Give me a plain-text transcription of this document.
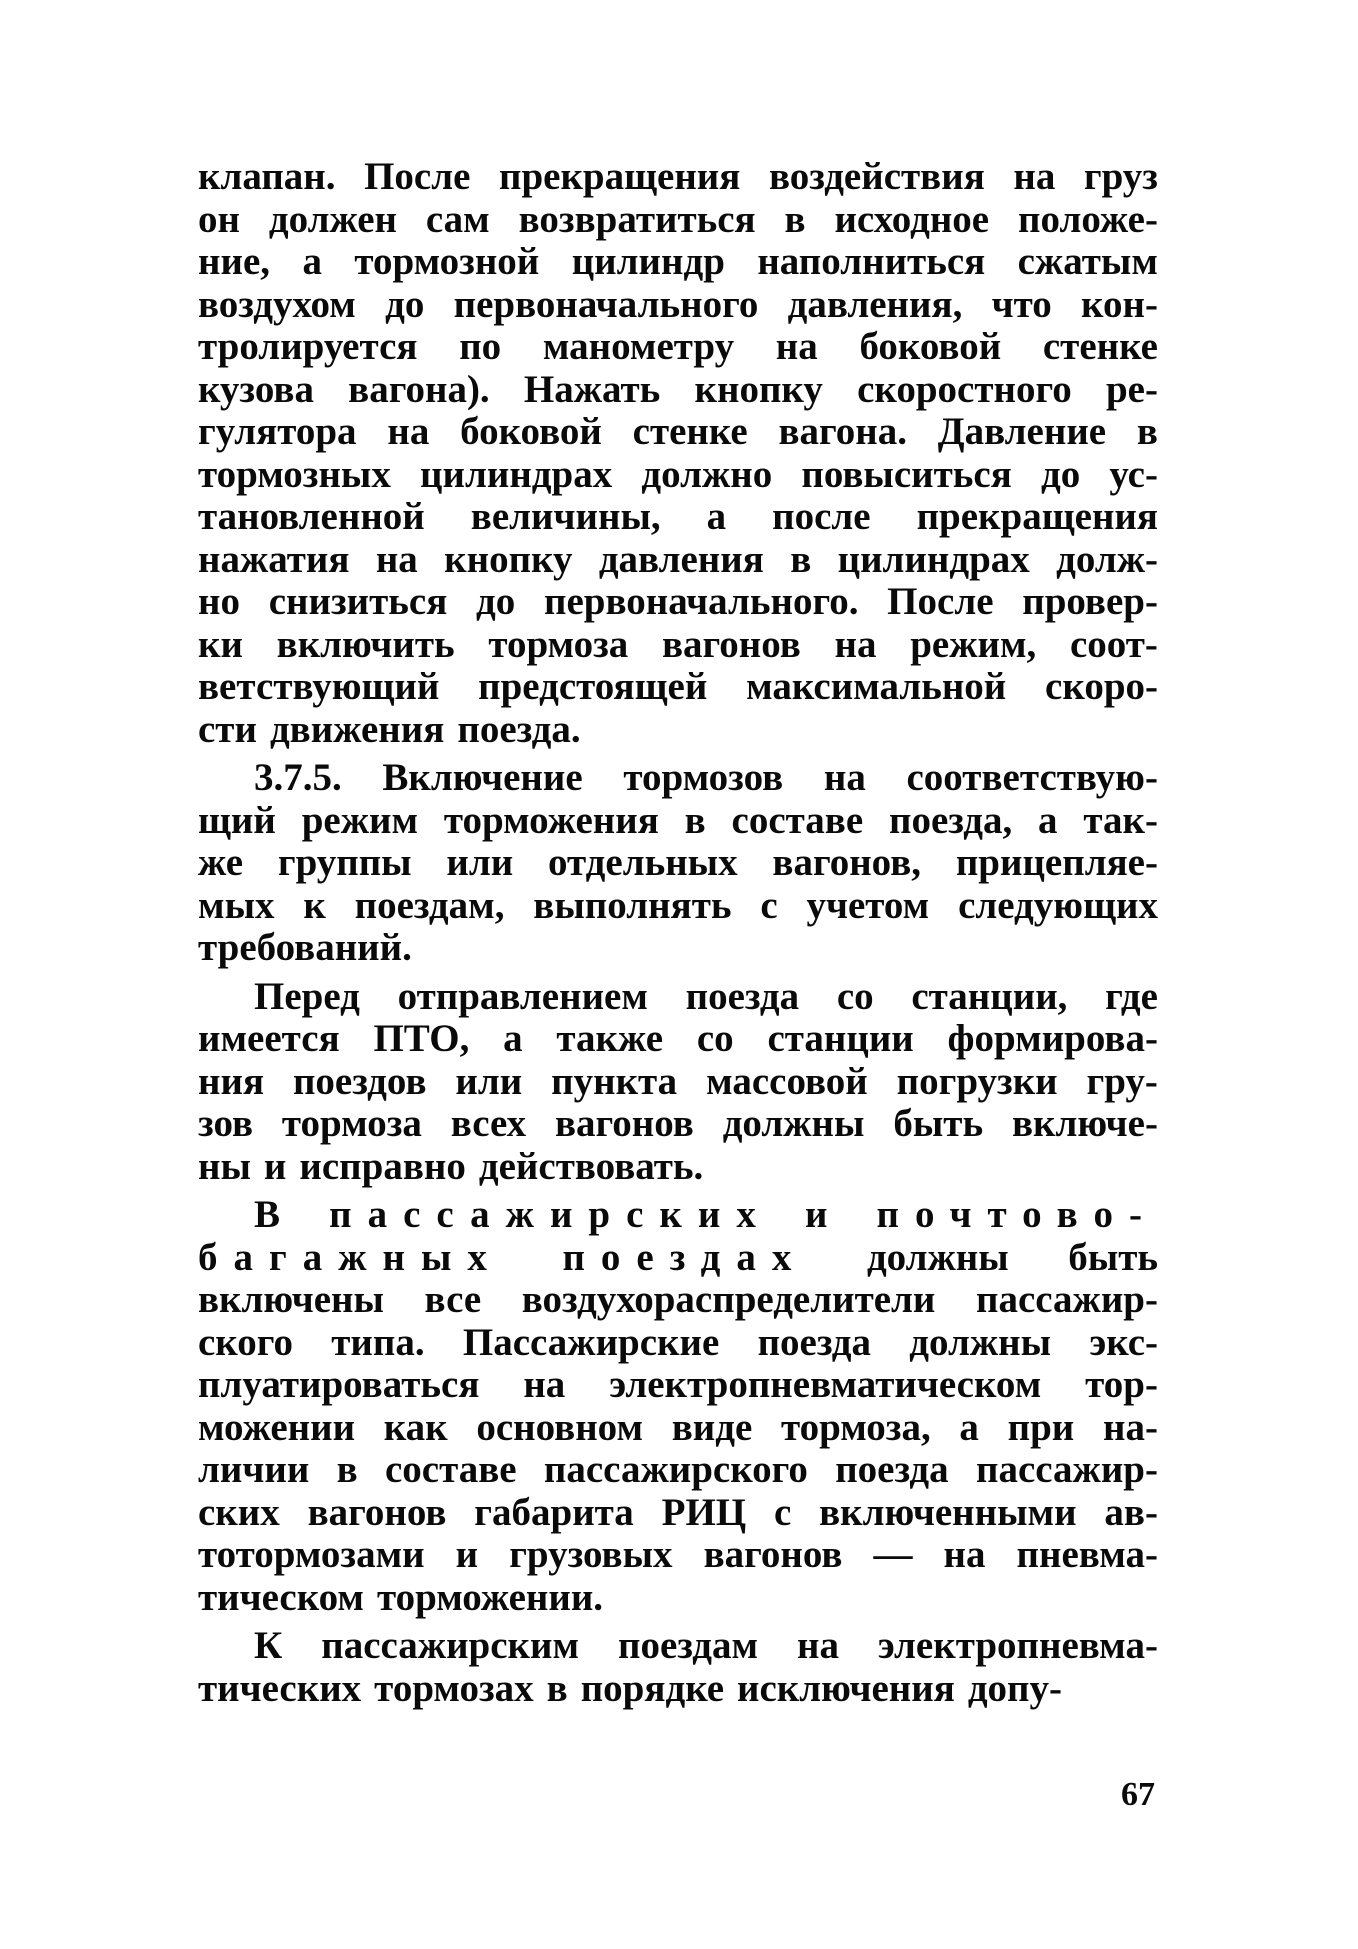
клапан. После прекращения воздействия на груз
он должен сам возвратиться в исходное положе-
ние, а тормозной цилиндр наполниться сжатым
воздухом до первоначального давления, что кон-
тролируется по манометру на боковой стенке
кузова вагона). Нажать кнопку скоростного ре-
гулятора на боковой стенке вагона. Давление в
тормозных цилиндрах должно повыситься до ус-
тановленной величины, а после прекращения
нажатия на кнопку давления в цилиндрах долж-
но снизиться до первоначального. После провер-
ки включить тормоза вагонов на режим, соот-
ветствующий предстоящей максимальной скоро-
сти движения поезда.
3.7.5. Включение тормозов на соответствую-
щий режим торможения в составе поезда, а так-
же группы или отдельных вагонов, прицепляе-
мых к поездам, выполнять с учетом следующих
требований.
Перед отправлением поезда со станции, где
имеется ПТО, а также со станции формирова-
ния поездов или пункта массовой погрузки гру-
зов тормоза всех вагонов должны быть включе-
ны и исправно действовать.
В пассажирских и почтово-
багажных поездах должны быть
включены все воздухораспределители пассажир-
ского типа. Пассажирские поезда должны экс-
плуатироваться на электропневматическом тор-
можении как основном виде тормоза, а при на-
личии в составе пассажирского поезда пассажир-
ских вагонов габарита РИЦ с включенными ав-
тотормозами и грузовых вагонов — на пневма-
тическом торможении.
К пассажирским поездам на электропневма-
тических тормозах в порядке исключения допу-
67
